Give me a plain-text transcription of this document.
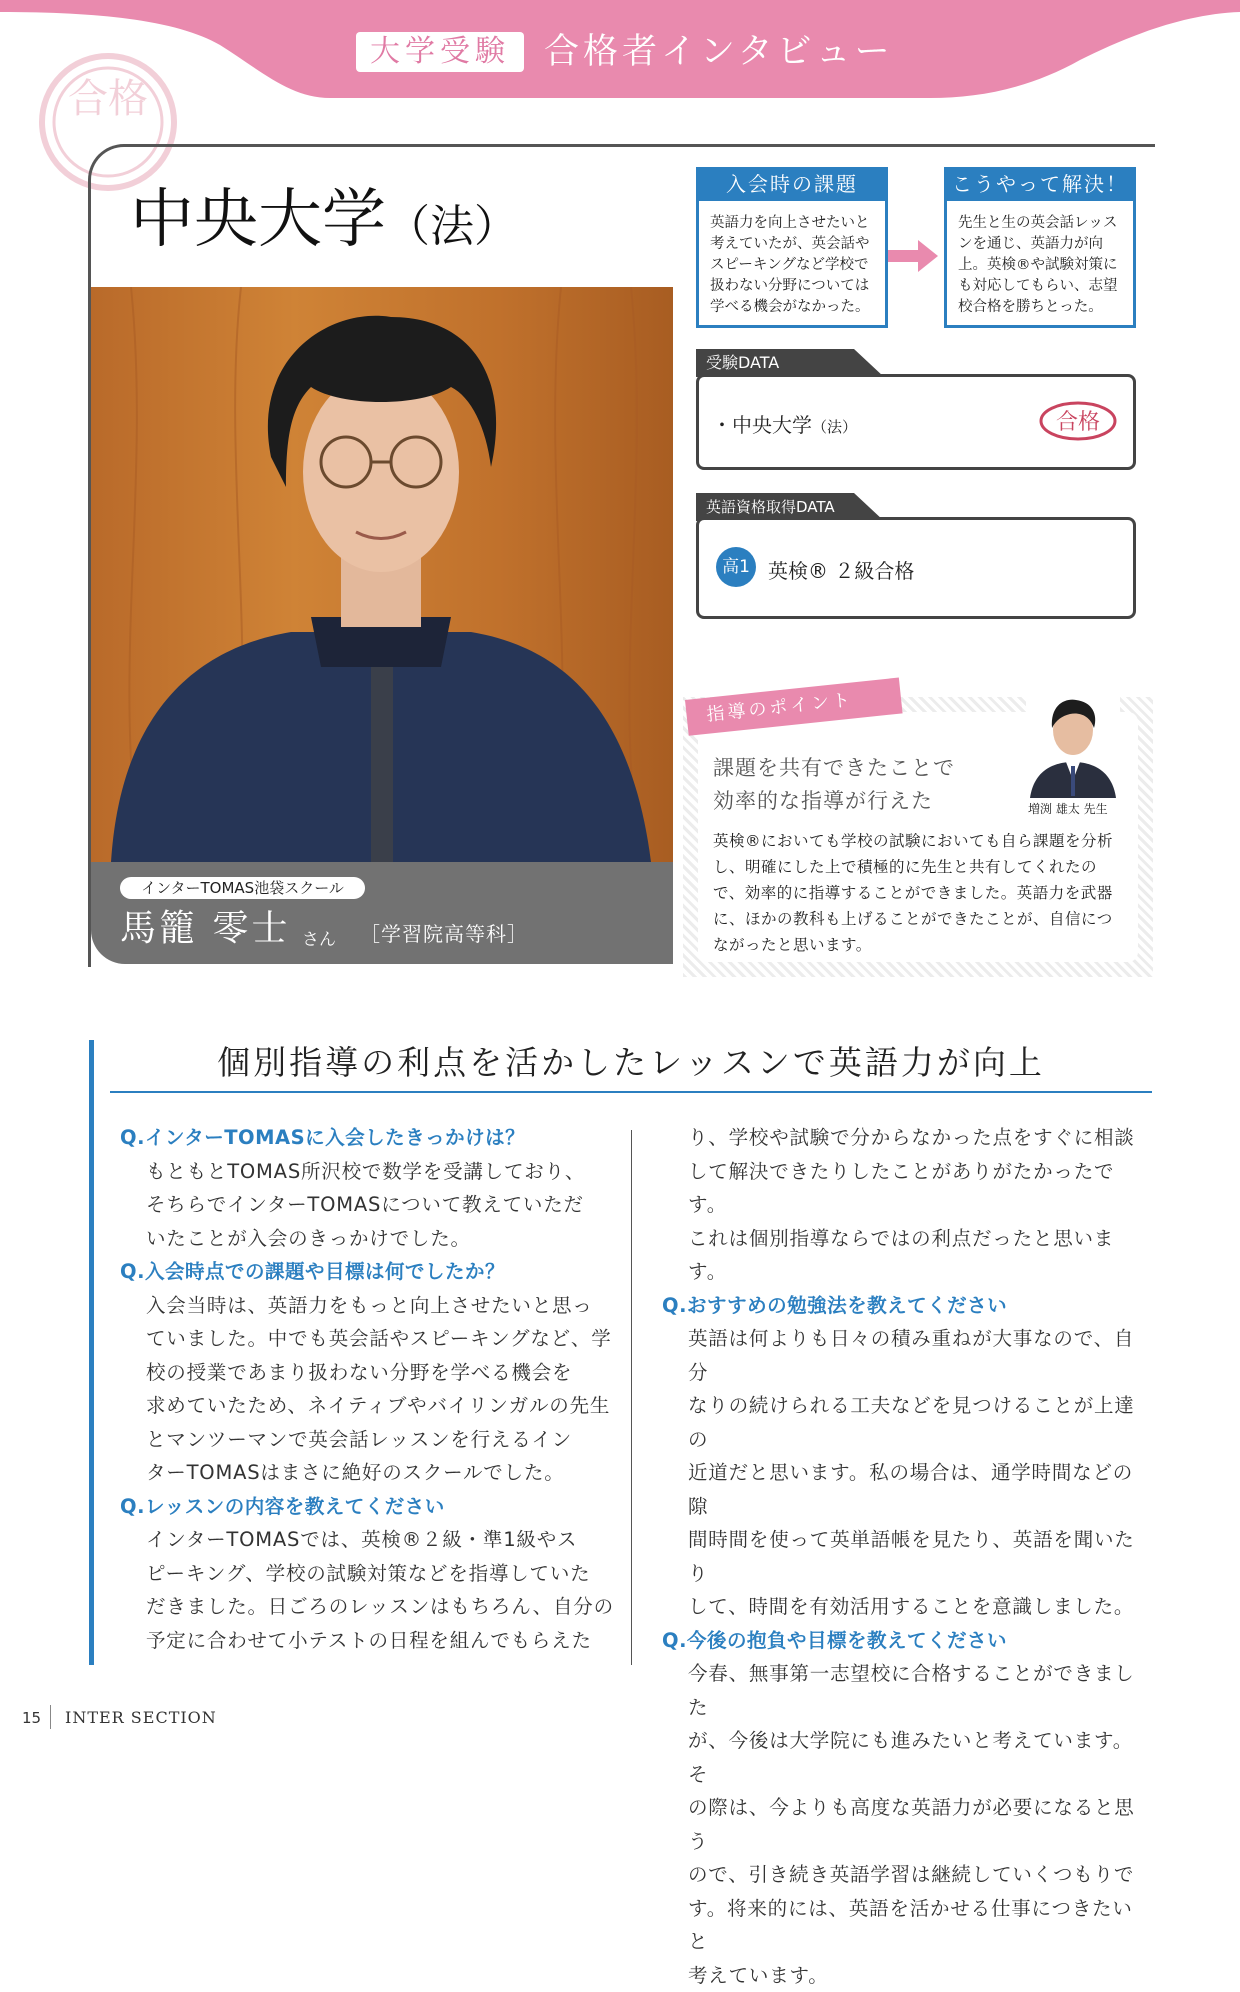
大学受験 合格者インタビュー
合格
中央大学（法）
インターTOMAS池袋スクール
馬籠 零士 さん ［学習院高等科］
入会時の課題
英語力を向上させたいと考えていたが、英会話やスピーキングなど学校で扱わない分野については学べる機会がなかった。
こうやって解決！
先生と生の英会話レッスンを通じ、英語力が向上。英検®や試験対策にも対応してもらい、志望校合格を勝ちとった。
受験DATA
・中央大学（法）	合格
英語資格取得DATA
高1 英検® ２級合格
指導のポイント
課題を共有できたことで
効率的な指導が行えた	増渕 雄太 先生
英検®においても学校の試験においても自ら課題を分析し、明確にした上で積極的に先生と共有してくれたので、効率的に指導することができました。英語力を武器に、ほかの教科も上げることができたことが、自信につながったと思います。
個別指導の利点を活かしたレッスンで英語力が向上
Q.インターTOMASに入会したきっかけは？
もともとTOMAS所沢校で数学を受講しており、
そちらでインターTOMASについて教えていただ
いたことが入会のきっかけでした。
Q.入会時点での課題や目標は何でしたか？
入会当時は、英語力をもっと向上させたいと思っ
ていました。中でも英会話やスピーキングなど、学
校の授業であまり扱わない分野を学べる機会を
求めていたため、ネイティブやバイリンガルの先生
とマンツーマンで英会話レッスンを行えるイン
ターTOMASはまさに絶好のスクールでした。
Q.レッスンの内容を教えてください
インターTOMASでは、英検®２級・準1級やス
ピーキング、学校の試験対策などを指導していた
だきました。日ごろのレッスンはもちろん、自分の
予定に合わせて小テストの日程を組んでもらえた
り、学校や試験で分からなかった点をすぐに相談
して解決できたりしたことがありがたかったです。
これは個別指導ならではの利点だったと思います。
Q.おすすめの勉強法を教えてください
英語は何よりも日々の積み重ねが大事なので、自分
なりの続けられる工夫などを見つけることが上達の
近道だと思います。私の場合は、通学時間などの隙
間時間を使って英単語帳を見たり、英語を聞いたり
して、時間を有効活用することを意識しました。
Q.今後の抱負や目標を教えてください
今春、無事第一志望校に合格することができました
が、今後は大学院にも進みたいと考えています。そ
の際は、今よりも高度な英語力が必要になると思う
ので、引き続き英語学習は継続していくつもりで
す。将来的には、英語を活かせる仕事につきたいと
考えています。
15 INTER SECTION
